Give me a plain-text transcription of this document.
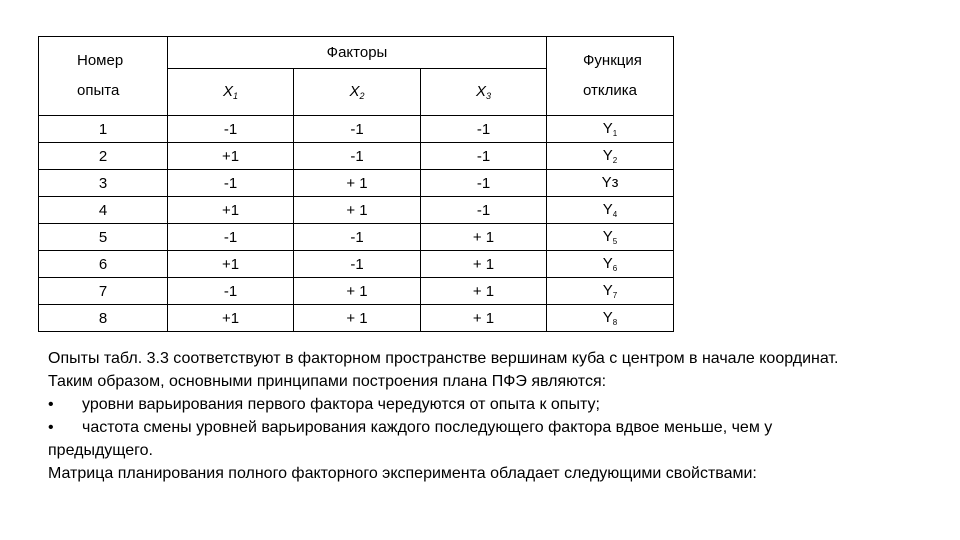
Номер
опыта	Факторы			Функция
отклика
	$X_1$	$X_2$	$X_3$
1	-1	-1	-1	$Y_1$
2	+1	-1	-1	$Y_2$
3	-1	+ 1	-1	Yз
4	+1	+ 1	-1	$Y_4$
5	-1	-1	+ 1	$Y_5$
6	+1	-1	+ 1	$Y_6$
7	-1	+ 1	+ 1	$Y_7$
8	+1	+ 1	+ 1	$Y_8$

Опыты табл. 3.3 соответствуют в факторном пространстве вершинам куба с центром в начале координат.

Таким образом, основными принципами построения плана ПФЭ являются:

•	уровни варьирования первого фактора чередуются от опыта к опыту;
•	частота смены уровней варьирования каждого последующего фактора вдвое меньше, чем у

предыдущего.

Матрица планирования полного факторного эксперимента обладает следующими свойствами:
